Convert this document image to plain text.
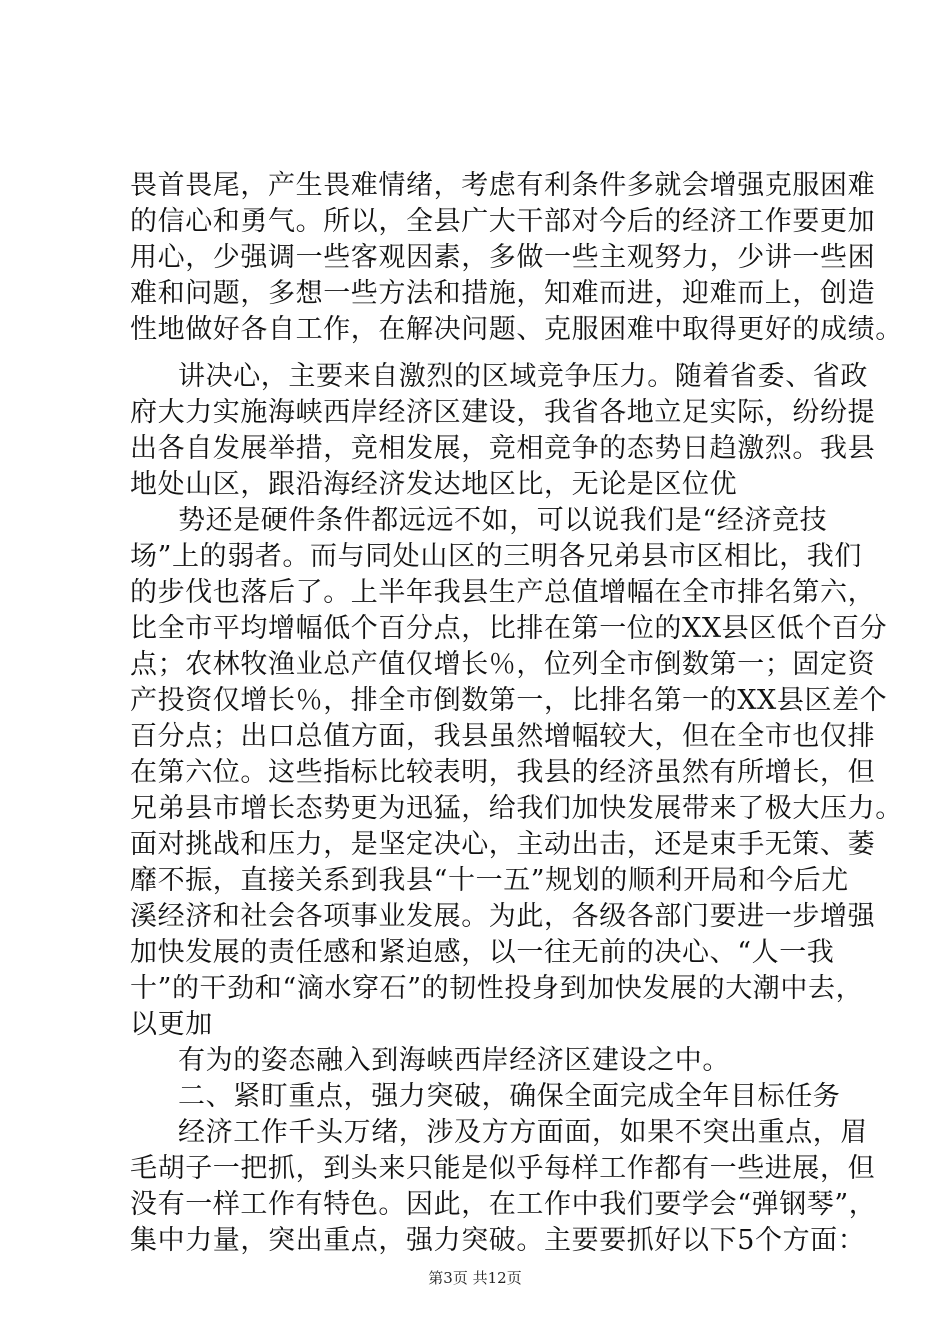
畏首畏尾，产生畏难情绪，考虑有利条件多就会增强克服困难
的信心和勇气。所以，全县广大干部对今后的经济工作要更加
用心，少强调一些客观因素，多做一些主观努力，少讲一些困
难和问题，多想一些方法和措施，知难而进，迎难而上，创造
性地做好各自工作，在解决问题、克服困难中取得更好的成绩。
讲决心，主要来自激烈的区域竞争压力。随着省委、省政
府大力实施海峡西岸经济区建设，我省各地立足实际，纷纷提
出各自发展举措，竞相发展，竞相竞争的态势日趋激烈。我县
地处山区，跟沿海经济发达地区比，无论是区位优
势还是硬件条件都远远不如，可以说我们是“经济竞技
场”上的弱者。而与同处山区的三明各兄弟县市区相比，我们
的步伐也落后了。上半年我县生产总值增幅在全市排名第六，
比全市平均增幅低个百分点，比排在第一位的XX县区低个百分
点；农林牧渔业总产值仅增长％，位列全市倒数第一；固定资
产投资仅增长％，排全市倒数第一，比排名第一的XX县区差个
百分点；出口总值方面，我县虽然增幅较大，但在全市也仅排
在第六位。这些指标比较表明，我县的经济虽然有所增长，但
兄弟县市增长态势更为迅猛，给我们加快发展带来了极大压力。
面对挑战和压力，是坚定决心，主动出击，还是束手无策、萎
靡不振，直接关系到我县“十一五”规划的顺利开局和今后尤
溪经济和社会各项事业发展。为此，各级各部门要进一步增强
加快发展的责任感和紧迫感，以一往无前的决心、“人一我
十”的干劲和“滴水穿石”的韧性投身到加快发展的大潮中去，
以更加
有为的姿态融入到海峡西岸经济区建设之中。
二、紧盯重点，强力突破，确保全面完成全年目标任务
经济工作千头万绪，涉及方方面面，如果不突出重点，眉
毛胡子一把抓，到头来只能是似乎每样工作都有一些进展，但
没有一样工作有特色。因此，在工作中我们要学会“弹钢琴”，
集中力量，突出重点，强力突破。主要要抓好以下5个方面：
第3页 共12页
